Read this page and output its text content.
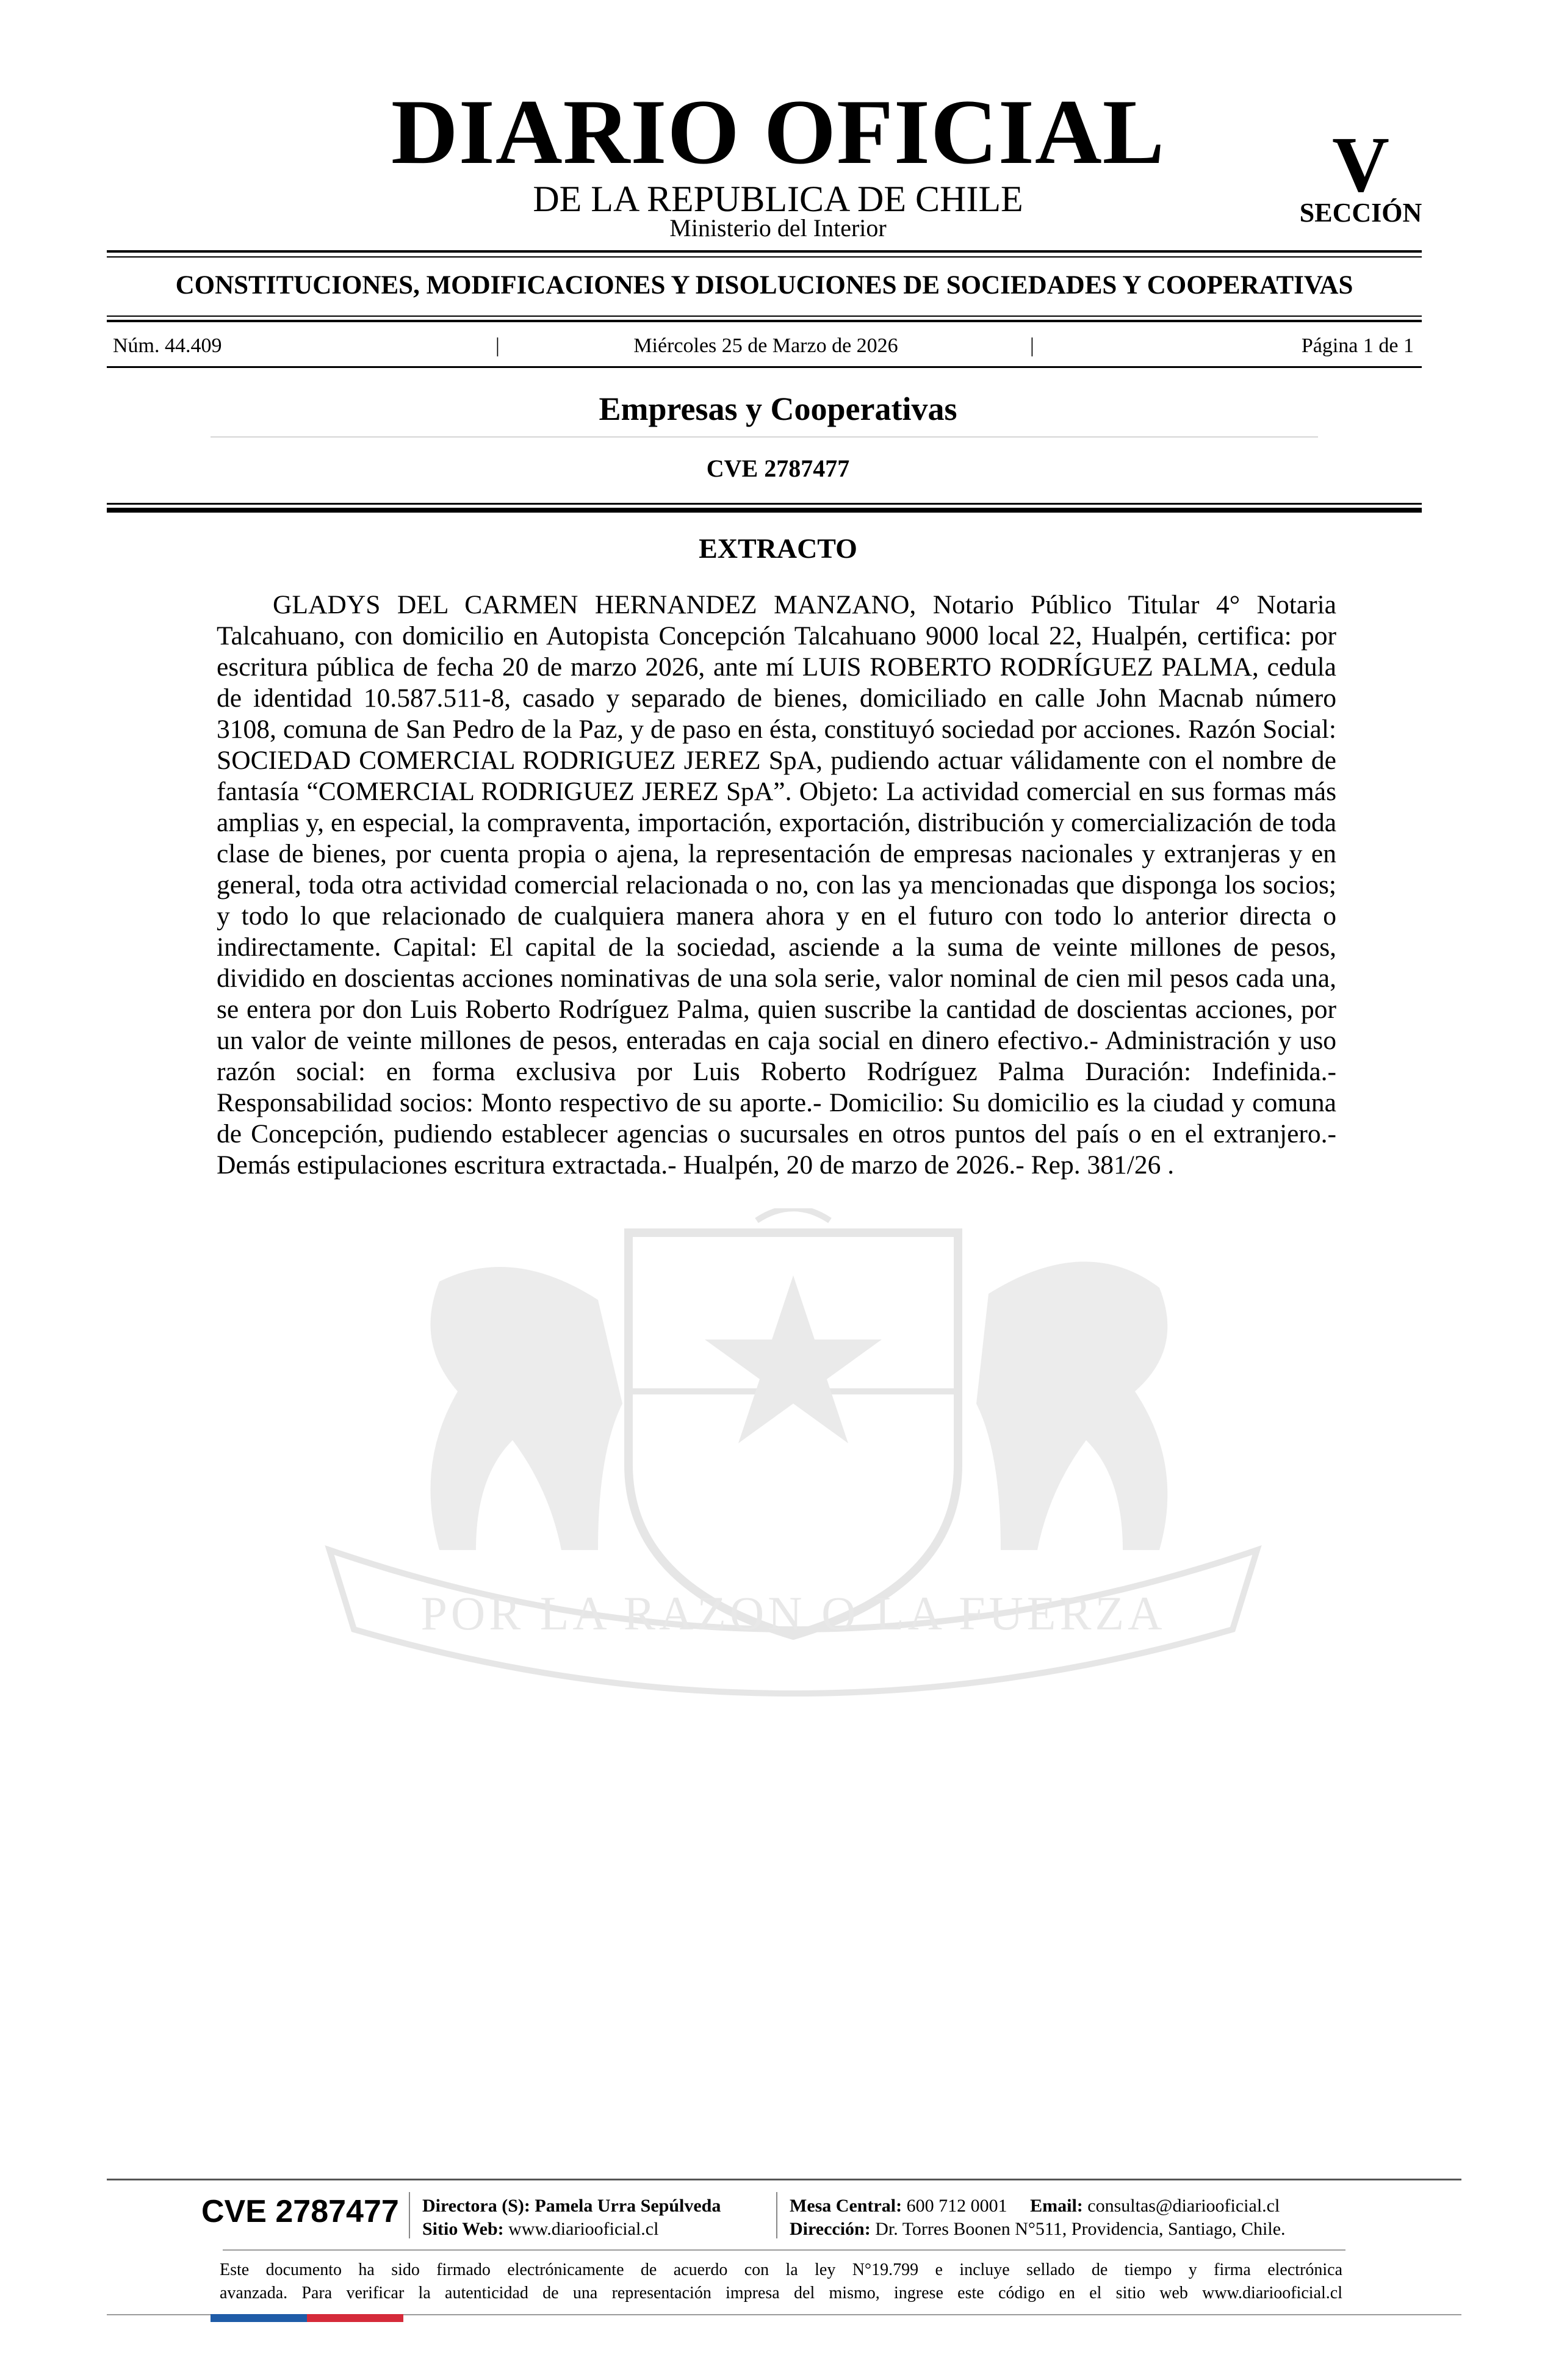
POR LA RAZON O LA FUERZA
DIARIO OFICIAL
DE LA REPUBLICA DE CHILE
Ministerio del Interior
V
SECCIÓN
CONSTITUCIONES, MODIFICACIONES Y DISOLUCIONES DE SOCIEDADES Y COOPERATIVAS
Núm. 44.409	|	Miércoles 25 de Marzo de 2026	|	Página 1 de 1
Empresas y Cooperativas
CVE 2787477
EXTRACTO

GLADYS DEL CARMEN HERNANDEZ MANZANO, Notario Público Titular 4° Notaria Talcahuano, con domicilio en Autopista Concepción Talcahuano 9000 local 22, Hualpén, certifica: por escritura pública de fecha 20 de marzo 2026, ante mí LUIS ROBERTO RODRÍGUEZ PALMA, cedula de identidad 10.587.511-8, casado y separado de bienes, domiciliado en calle John Macnab número 3108, comuna de San Pedro de la Paz, y de paso en ésta, constituyó sociedad por acciones. Razón Social: SOCIEDAD COMERCIAL RODRIGUEZ JEREZ SpA, pudiendo actuar válidamente con el nombre de fantasía “COMERCIAL RODRIGUEZ JEREZ SpA”. Objeto: La actividad comercial en sus formas más amplias y, en especial, la compraventa, importación, exportación, distribución y comercialización de toda clase de bienes, por cuenta propia o ajena, la representación de empresas nacionales y extranjeras y en general, toda otra actividad comercial relacionada o no, con las ya mencionadas que disponga los socios; y todo lo que relacionado de cualquiera manera ahora y en el futuro con todo lo anterior directa o indirectamente. Capital: El capital de la sociedad, asciende a la suma de veinte millones de pesos, dividido en doscientas acciones nominativas de una sola serie, valor nominal de cien mil pesos cada una, se entera por don Luis Roberto Rodríguez Palma, quien suscribe la cantidad de doscientas acciones, por un valor de veinte millones de pesos, enteradas en caja social en dinero efectivo.- Administración y uso razón social: en forma exclusiva por Luis Roberto Rodríguez Palma Duración: Indefinida.- Responsabilidad socios: Monto respectivo de su aporte.- Domicilio: Su domicilio es la ciudad y comuna de Concepción, pudiendo establecer agencias o sucursales en otros puntos del país o en el extranjero.- Demás estipulaciones escritura extractada.- Hualpén, 20 de marzo de 2026.- Rep. 381/26 .

CVE 2787477 Directora (S): Pamela Urra Sepúlveda
Sitio Web: www.diariooficial.cl
Mesa Central: 600 712 0001 Email: consultas@diariooficial.cl
Dirección: Dr. Torres Boonen N°511, Providencia, Santiago, Chile.
Este documento ha sido firmado electrónicamente de acuerdo con la ley N°19.799 e incluye sellado de tiempo y firma electrónica
avanzada. Para verificar la autenticidad de una representación impresa del mismo, ingrese este código en el sitio web www.diariooficial.cl
